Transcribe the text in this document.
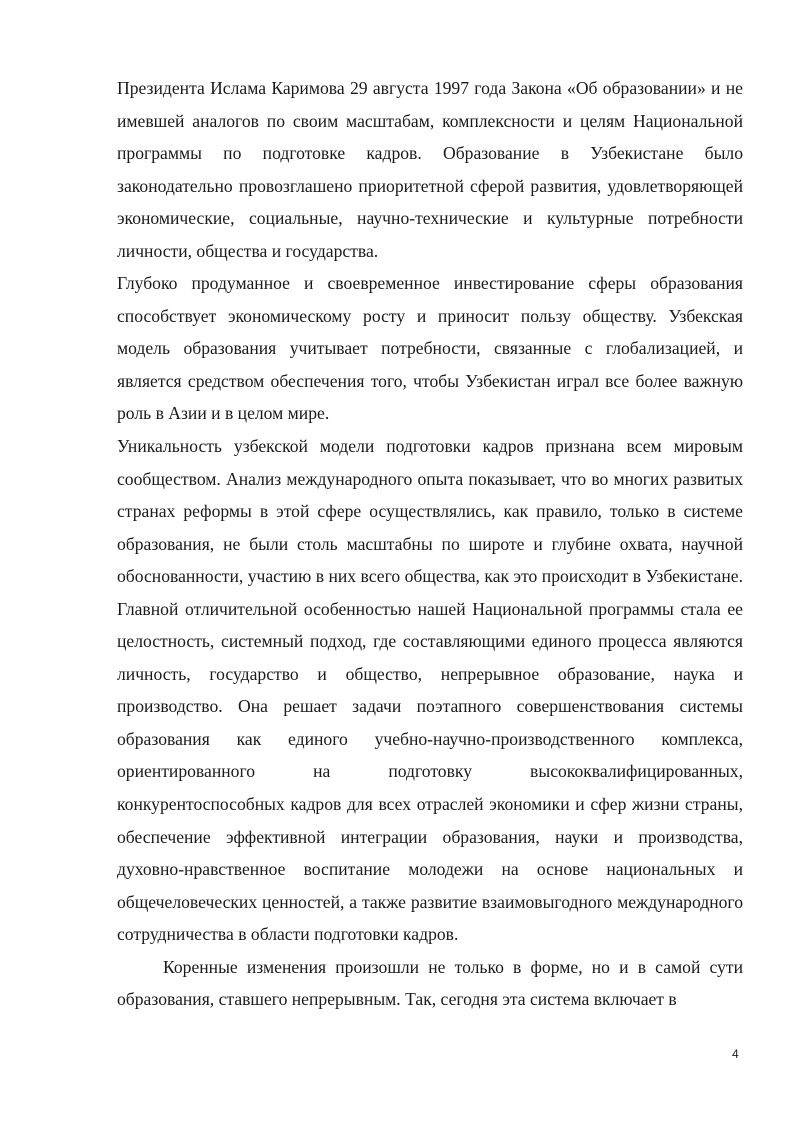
Президента Ислама Каримова 29 августа 1997 года Закона «Об образовании» и не имевшей аналогов по своим масштабам, комплексности и целям Национальной программы по подготовке кадров. Образование в Узбекистане было законодательно провозглашено приоритетной сферой развития, удовлетворяющей экономические, социальные, научно-технические и культурные потребности личности, общества и государства.

Глубоко продуманное и своевременное инвестирование сферы образования способствует экономическому росту и приносит пользу обществу. Узбекская модель образования учитывает потребности, связанные с глобализацией, и является средством обеспечения того, чтобы Узбекистан играл все более важную роль в Азии и в целом мире.

Уникальность узбекской модели подготовки кадров признана всем мировым сообществом. Анализ международного опыта показывает, что во многих развитых странах реформы в этой сфере осуществлялись, как правило, только в системе образования, не были столь масштабны по широте и глубине охвата, научной обоснованности, участию в них всего общества, как это происходит в Узбекистане. Главной отличительной особенностью нашей Национальной программы стала ее целостность, системный подход, где составляющими единого процесса являются личность, государство и общество, непрерывное образование, наука и производство. Она решает задачи поэтапного совершенствования системы образования как единого учебно-научно-производственного комплекса, ориентированного на подготовку высококвалифицированных, конкурентоспособных кадров для всех отраслей экономики и сфер жизни страны, обеспечение эффективной интеграции образования, науки и производства, духовно-нравственное воспитание молодежи на основе национальных и общечеловеческих ценностей, а также развитие взаимовыгодного международного сотрудничества в области подготовки кадров.

Коренные изменения произошли не только в форме, но и в самой сути образования, ставшего непрерывным. Так, сегодня эта система включает в

4
